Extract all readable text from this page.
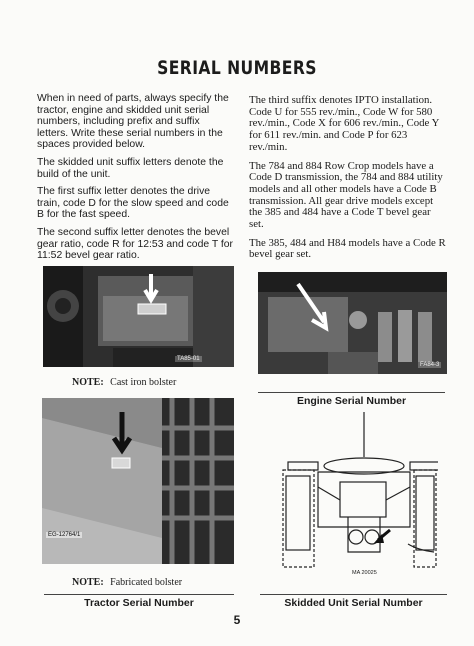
SERIAL NUMBERS

When in need of parts, always specify the tractor, engine and skidded unit serial numbers, including prefix and suffix letters. Write these serial numbers in the spaces provided below.

The skidded unit suffix letters denote the build of the unit.

The first suffix letter denotes the drive train, code D for the slow speed and code B for the fast speed.

The second suffix letter denotes the bevel gear ratio, code R for 12:53 and code T for 11:52 bevel gear ratio.

The third suffix denotes IPTO installation. Code U for 555 rev./min., Code W for 580 rev./min., Code X for 606 rev./min., Code Y for 611 rev./min. and Code P for 623 rev./min.

The 784 and 884 Row Crop models have a Code D transmission, the 784 and 884 utility models and all other models have a Code B transmission. All gear drive models except the 385 and 484 have a Code T bevel gear set.

The 385, 484 and H84 models have a Code R bevel gear set.

TA85-01
NOTE: Cast iron bolster
FA84-3
Engine Serial Number
EG-12764/1
NOTE: Fabricated bolster
Tractor Serial Number
MA 20025
Skidded Unit Serial Number
5
